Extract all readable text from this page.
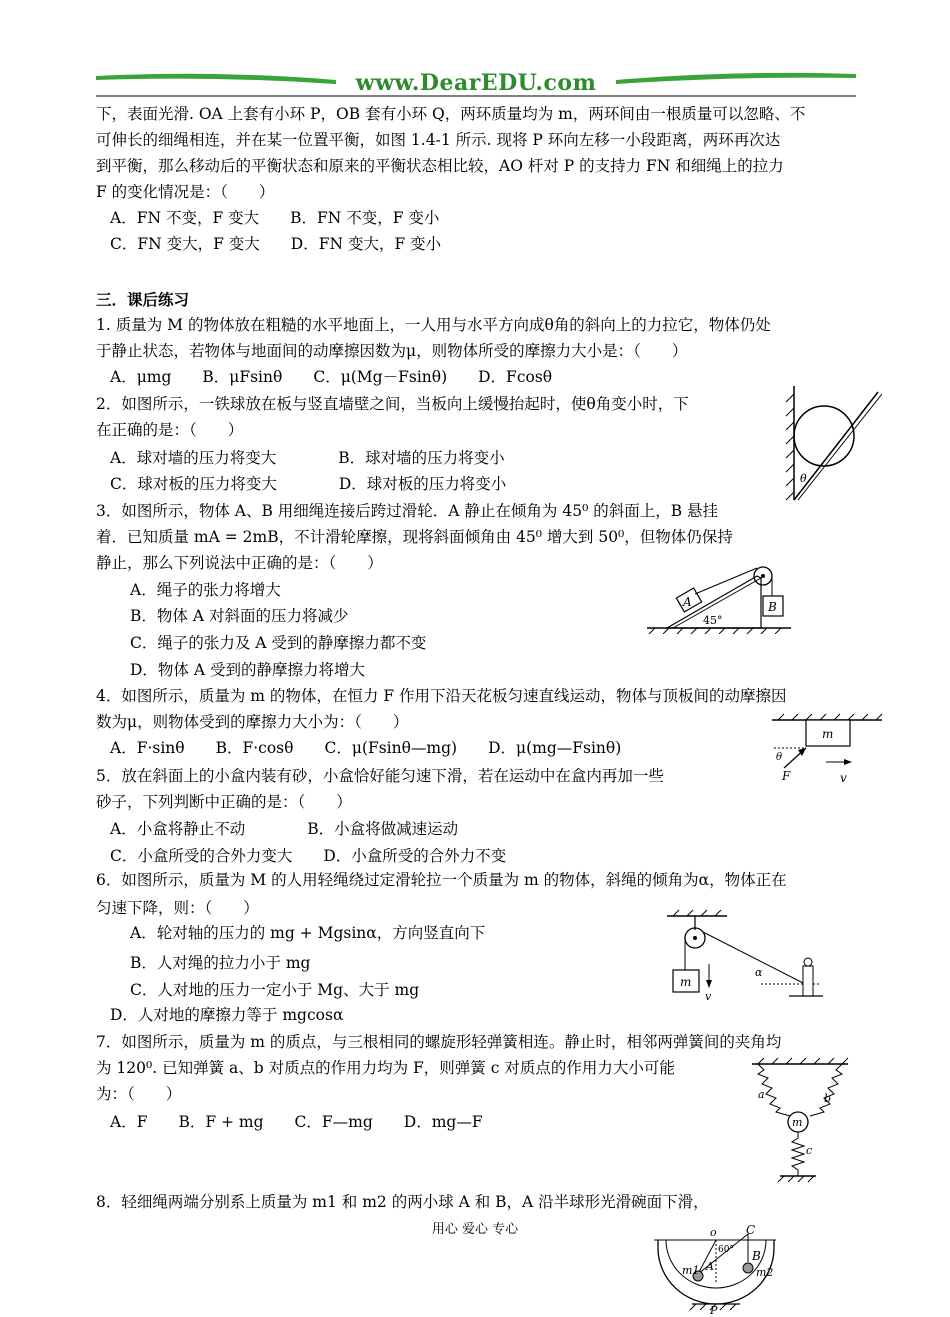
www.DearEDU.com
下，表面光滑. OA 上套有小环 P，OB 套有小环 Q，两环质量均为 m，两环间由一根质量可以忽略、不
可伸长的细绳相连，并在某一位置平衡，如图 1.4-1 所示. 现将 P 环向左移一小段距离，两环再次达
到平衡，那么移动后的平衡状态和原来的平衡状态相比较，AO 杆对 P 的支持力 FN 和细绳上的拉力
F 的变化情况是：（　　）
A．FN 不变，F 变大　　B．FN 不变，F 变小
C．FN 变大，F 变大　　D．FN 变大，F 变小
三．课后练习
1. 质量为 M 的物体放在粗糙的水平地面上，一人用与水平方向成θ角的斜向上的力拉它，物体仍处
于静止状态，若物体与地面间的动摩擦因数为μ，则物体所受的摩擦力大小是：（　　）
A．μmg　　B．μFsinθ　　C．μ(Mg－Fsinθ)　　D．Fcosθ
2．如图所示，一铁球放在板与竖直墙壁之间，当板向上缓慢抬起时，使θ角变小时，下
在正确的是：（　　）
A．球对墙的压力将变大　　　　B．球对墙的压力将变小
C．球对板的压力将变大　　　　D．球对板的压力将变小	θ
3．如图所示，物体 A、B 用细绳连接后跨过滑轮．A 静止在倾角为 45⁰ 的斜面上，B 悬挂
着．已知质量 mA = 2mB，不计滑轮摩擦，现将斜面倾角由 45⁰ 增大到 50⁰，但物体仍保持
静止，那么下列说法中正确的是：（　　）
A．绳子的张力将增大
B．物体 A 对斜面的压力将减少
C．绳子的张力及 A 受到的静摩擦力都不变
D．物体 A 受到的静摩擦力将增大
A	B
45°
4．如图所示，质量为 m 的物体，在恒力 F 作用下沿天花板匀速直线运动，物体与顶板间的动摩擦因
数为μ，则物体受到的摩擦力大小为：（　　）
A．F·sinθ　　B．F·cosθ　　C．μ(Fsinθ—mg)　　D．μ(mg—Fsinθ)
m
θ
F	v
5．放在斜面上的小盒内装有砂，小盒恰好能匀速下滑，若在运动中在盒内再加一些
砂子，下列判断中正确的是：（　　）
A．小盒将静止不动　　　　B．小盒将做减速运动
C．小盒所受的合外力变大　　D．小盒所受的合外力不变
6．如图所示，质量为 M 的人用轻绳绕过定滑轮拉一个质量为 m 的物体，斜绳的倾角为α，物体正在
匀速下降，则：（　　）
A．轮对轴的压力的 mg + Mgsinα，方向竖直向下
B．人对绳的拉力小于 mg
C．人对地的压力一定小于 Mg、大于 mg
D．人对地的摩擦力等于 mgcosα
m
v
α
7．如图所示，质量为 m 的质点，与三根相同的螺旋形轻弹簧相连。静止时，相邻两弹簧间的夹角均
为 120⁰. 已知弹簧 a、b 对质点的作用力均为 F，则弹簧 c 对质点的作用力大小可能
为：（　　）
A．F　　B．F + mg　　C．F—mg　　D．mg—F	m
a	b
c
8．轻细绳两端分别系上质量为 m1 和 m2 的两小球 A 和 B，A 沿半球形光滑碗面下滑，
用心 爱心 专心	o C
60° B
m1 A	m2
P
